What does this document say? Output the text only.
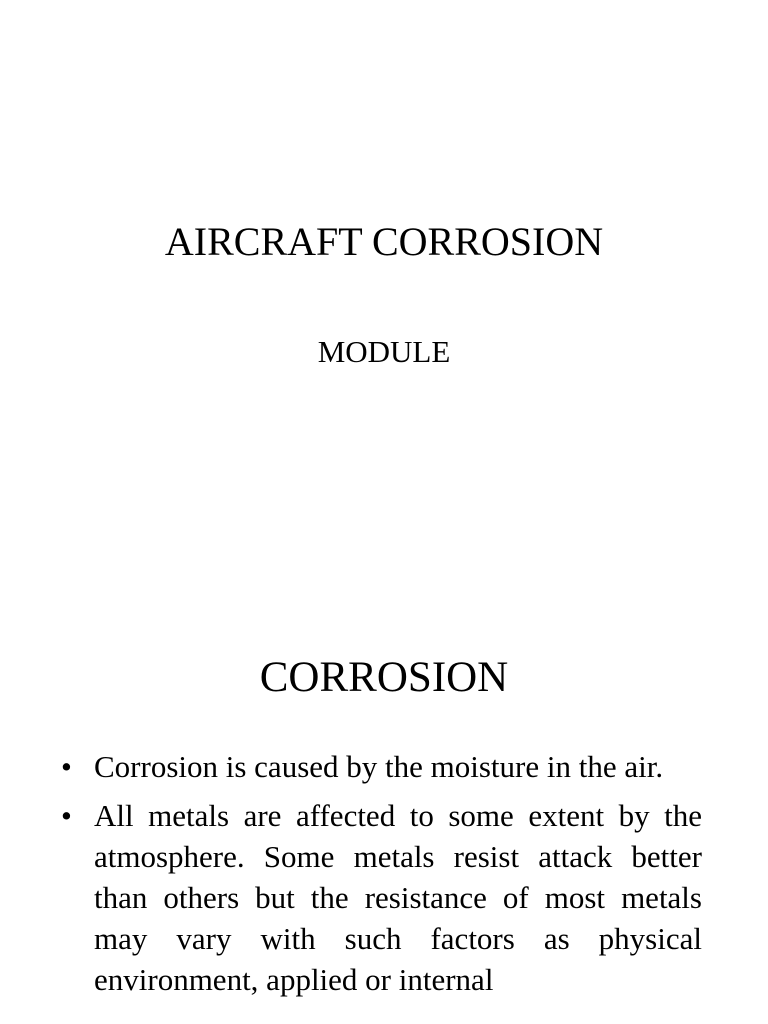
AIRCRAFT CORROSION
MODULE
CORROSION
• Corrosion is caused by the moisture in the air.
• All metals are affected to some extent by the atmosphere. Some metals resist attack better than others but the resistance of most metals may vary with such factors as physical environment, applied or internal
